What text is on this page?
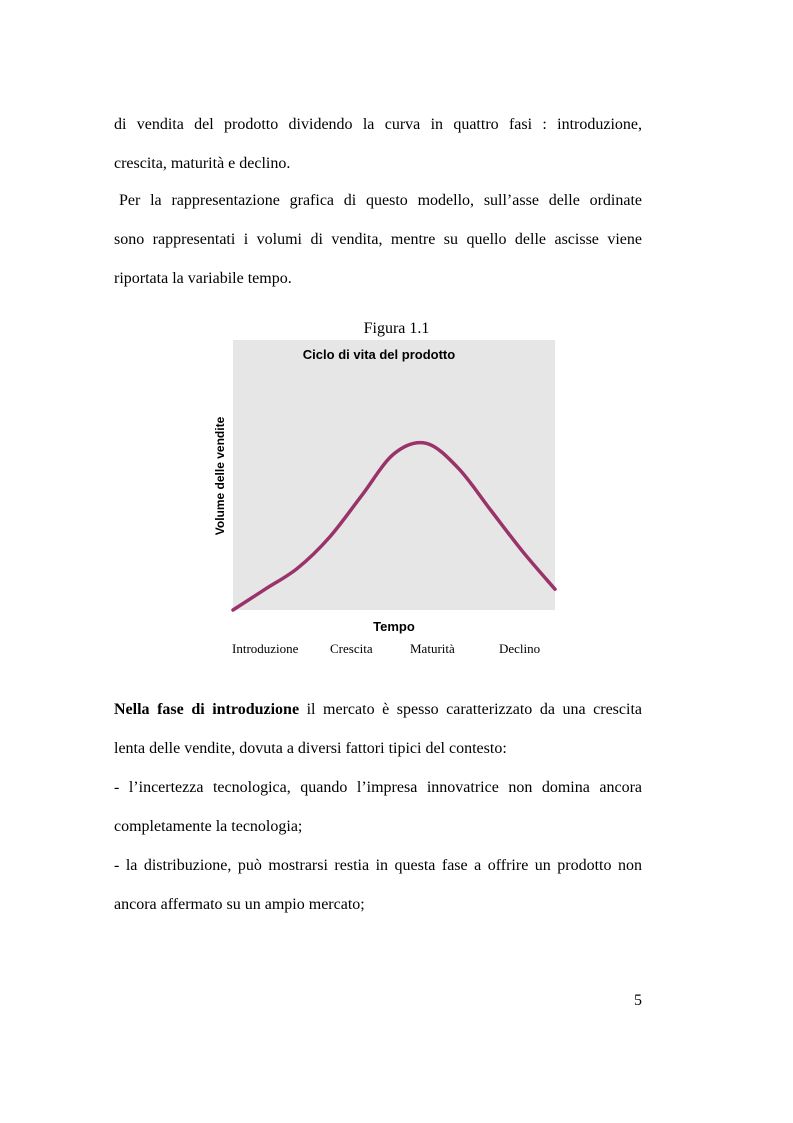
di vendita del prodotto dividendo la curva in quattro fasi : introduzione,
crescita, maturità e declino.
Per la rappresentazione grafica di questo modello, sull’asse delle ordinate
sono rappresentati i volumi di vendita, mentre su quello delle ascisse viene
riportata la variabile tempo.
Figura 1.1
Ciclo di vita del prodotto
Volume delle vendite
Tempo
Introduzione Crescita	Maturità	Declino
Nella fase di introduzione il mercato è spesso caratterizzato da una crescita
lenta delle vendite, dovuta a diversi fattori tipici del contesto:
- l’incertezza tecnologica, quando l’impresa innovatrice non domina ancora
completamente la tecnologia;
- la distribuzione, può mostrarsi restia in questa fase a offrire un prodotto non
ancora affermato su un ampio mercato;
5
